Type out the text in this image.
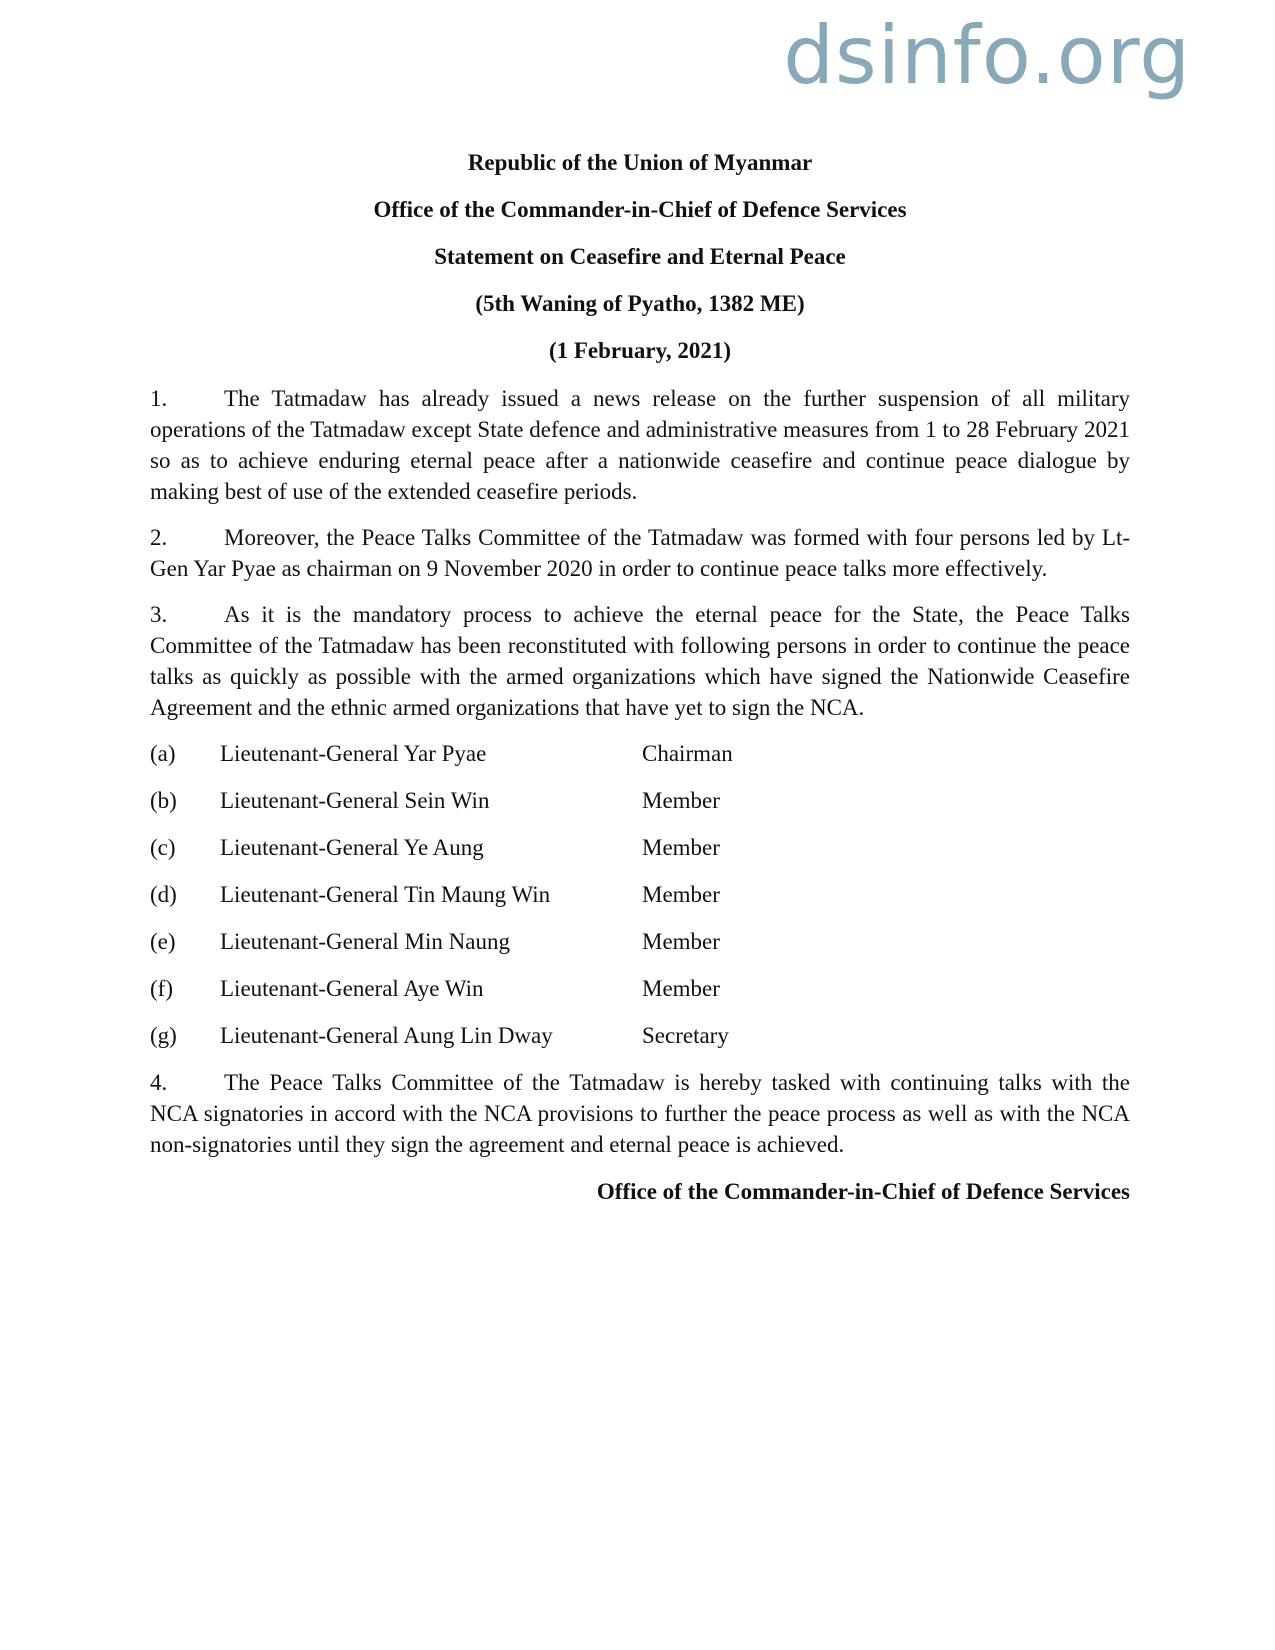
dsinfo.org
Republic of the Union of Myanmar
Office of the Commander-in-Chief of Defence Services
Statement on Ceasefire and Eternal Peace
(5th Waning of Pyatho, 1382 ME)
(1 February, 2021)

1. The Tatmadaw has already issued a news release on the further suspension of all military operations of the Tatmadaw except State defence and administrative measures from 1 to 28 February 2021 so as to achieve enduring eternal peace after a nationwide ceasefire and continue peace dialogue by making best of use of the extended ceasefire periods.

2. Moreover, the Peace Talks Committee of the Tatmadaw was formed with four persons led by Lt-Gen Yar Pyae as chairman on 9 November 2020 in order to continue peace talks more effectively.

3. As it is the mandatory process to achieve the eternal peace for the State, the Peace Talks Committee of the Tatmadaw has been reconstituted with following persons in order to continue the peace talks as quickly as possible with the armed organizations which have signed the Nationwide Ceasefire Agreement and the ethnic armed organizations that have yet to sign the NCA.

(a) Lieutenant-General Yar Pyae	Chairman
(b) Lieutenant-General Sein Win	Member
(c) Lieutenant-General Ye Aung	Member
(d) Lieutenant-General Tin Maung Win	Member
(e) Lieutenant-General Min Naung	Member
(f) Lieutenant-General Aye Win	Member
(g) Lieutenant-General Aung Lin Dway	Secretary

4. The Peace Talks Committee of the Tatmadaw is hereby tasked with continuing talks with the NCA signatories in accord with the NCA provisions to further the peace process as well as with the NCA non-signatories until they sign the agreement and eternal peace is achieved.

Office of the Commander-in-Chief of Defence Services
